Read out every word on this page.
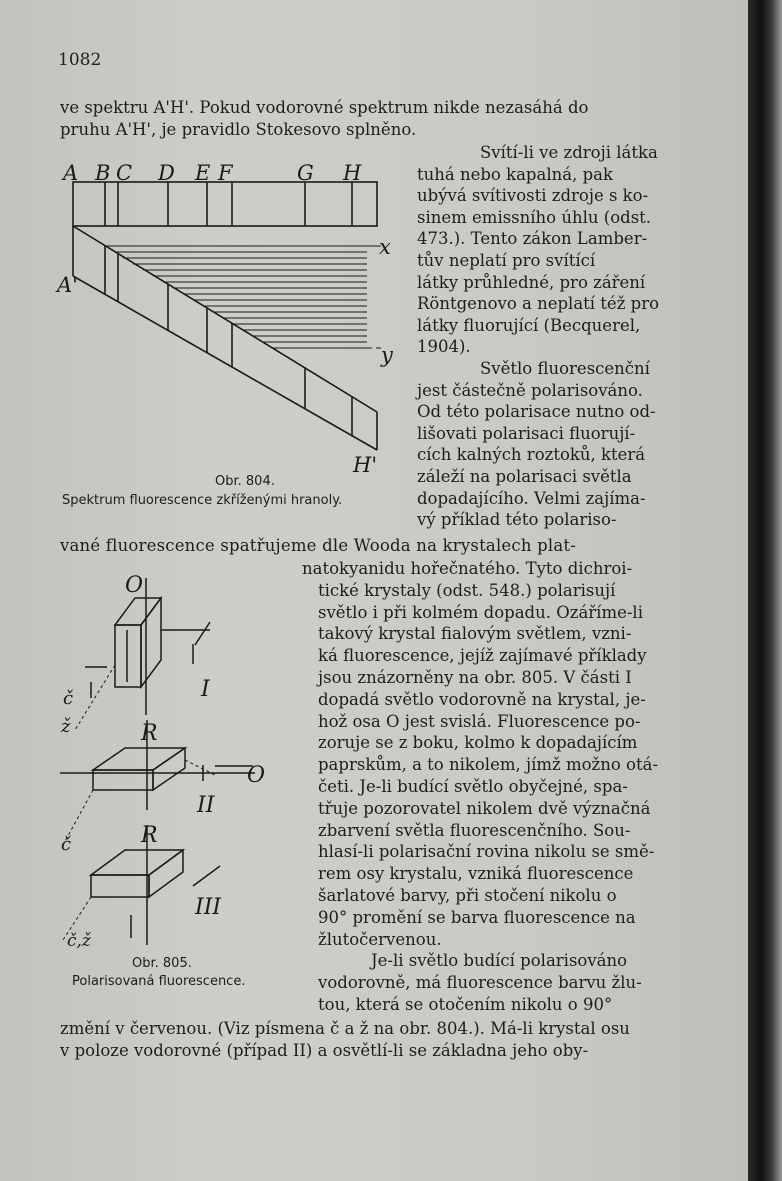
1082
ve spektru A'H'. Pokud vodorovné spektrum nikde nezasáhá do
pruhu A'H', je pravidlo Stokesovo splněno.
Svítí-li ve zdroji látka
tuhá nebo kapalná, pak
ubývá svítivosti zdroje s ko-
sinem emissního úhlu (odst.
473.). Tento zákon Lamber-
tův neplatí pro svítící
látky průhledné, pro záření
Röntgenovo a neplatí též pro
látky fluorující (Becquerel,
1904).
Světlo fluorescenční
jest částečně polarisováno.
Od této polarisace nutno od-
lišovati polarisaci fluorují-
cích kalných roztoků, která
záleží na polarisaci světla
dopadajícího. Velmi zajíma-
vý příklad této polariso-
vané fluorescence spatřujeme dle Wooda na krystalech plat-
natokyanidu hořečnatého. Tyto dichroi-
tické krystaly (odst. 548.) polarisují
světlo i při kolmém dopadu. Ozáříme-li
takový krystal fialovým světlem, vzni-
ká fluorescence, jejíž zajímavé příklady
jsou znázorněny na obr. 805. V části I
dopadá světlo vodorovně na krystal, je-
hož osa O jest svislá. Fluorescence po-
zoruje se z boku, kolmo k dopadajícím
paprskům, a to nikolem, jímž možno otá-
četi. Je-li budící světlo obyčejné, spa-
třuje pozorovatel nikolem dvě význačná
zbarvení světla fluorescenčního. Sou-
hlasí-li polarisační rovina nikolu se smě-
rem osy krystalu, vzniká fluorescence
šarlatové barvy, při stočení nikolu o
90° promění se barva fluorescence na
žlutočervenou.
Je-li světlo budící polarisováno
vodorovně, má fluorescence barvu žlu-
tou, která se otočením nikolu o 90°
změní v červenou. (Viz písmena č a ž na obr. 804.). Má-li krystal osu
v poloze vodorovné (případ II) a osvětlí-li se základna jeho oby-
A B C D E F	G H
A'
H'
x
y
Obr. 804.
Spektrum fluorescence zkříženými hranoly.
O
I
č
ž	R
O
II
č	R
III
č,ž
Obr. 805.
Polarisovaná fluorescence.
